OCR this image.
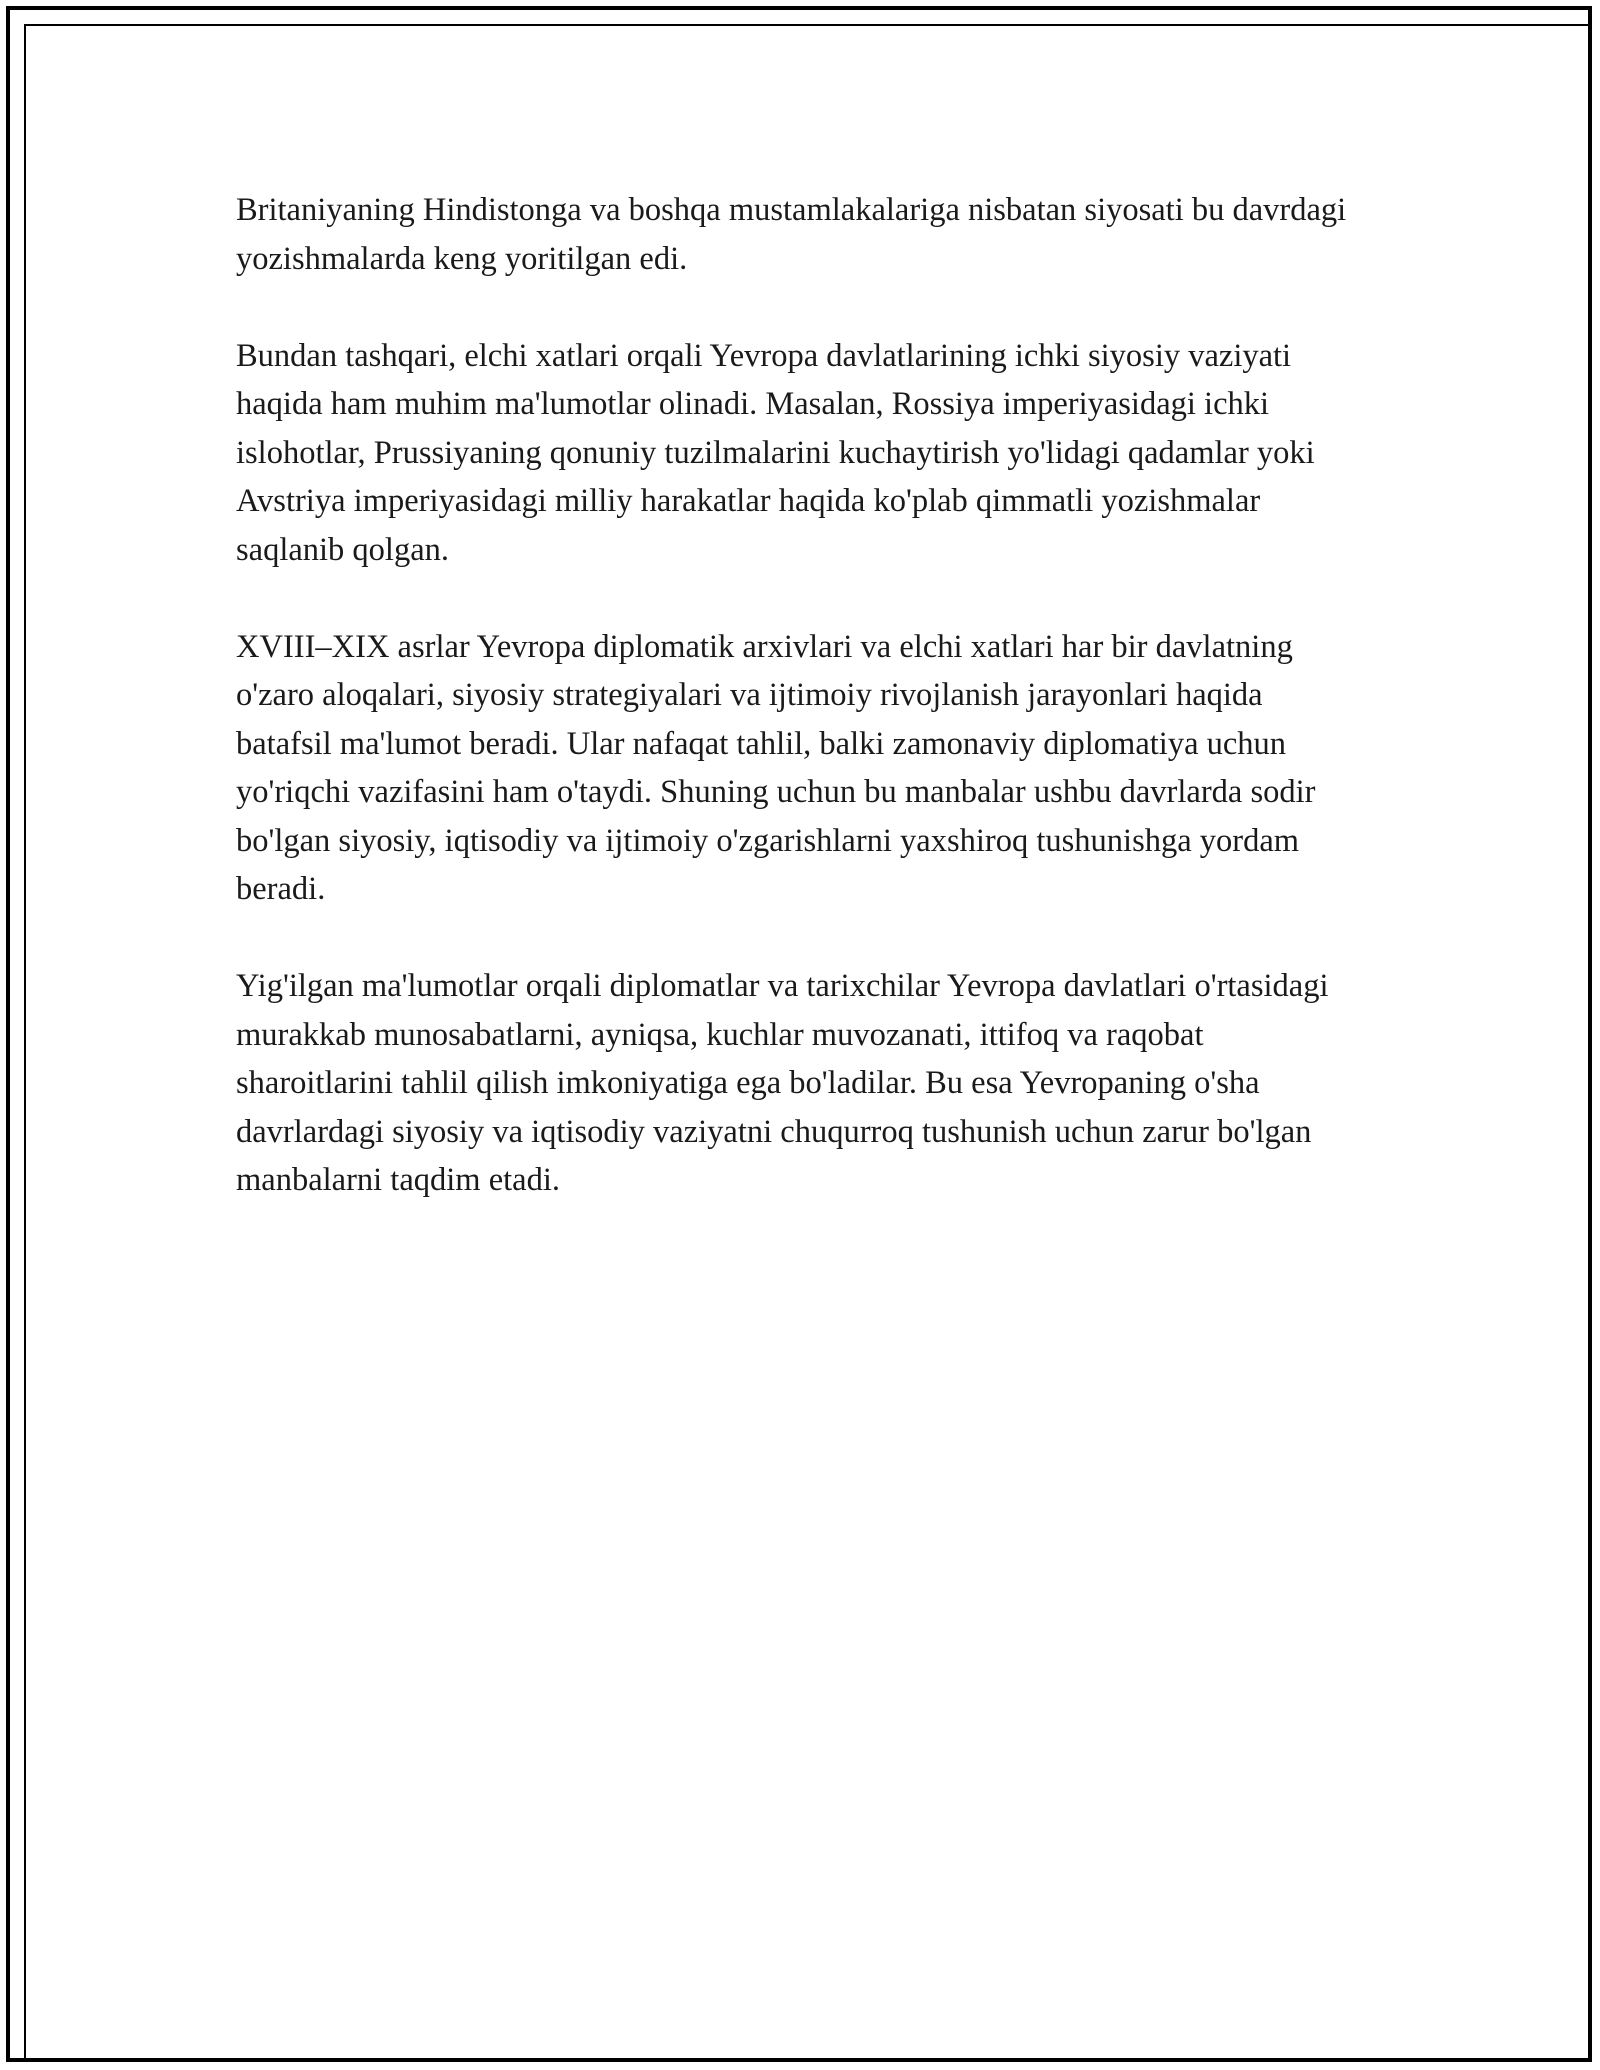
Britaniyaning Hindistonga va boshqa mustamlakalariga nisbatan siyosati bu davrdagi yozishmalarda keng yoritilgan edi.

Bundan tashqari, elchi xatlari orqali Yevropa davlatlarining ichki siyosiy vaziyati haqida ham muhim ma'lumotlar olinadi. Masalan, Rossiya imperiyasidagi ichki islohotlar, Prussiyaning qonuniy tuzilmalarini kuchaytirish yo'lidagi qadamlar yoki Avstriya imperiyasidagi milliy harakatlar haqida ko'plab qimmatli yozishmalar saqlanib qolgan.

XVIII–XIX asrlar Yevropa diplomatik arxivlari va elchi xatlari har bir davlatning o'zaro aloqalari, siyosiy strategiyalari va ijtimoiy rivojlanish jarayonlari haqida batafsil ma'lumot beradi. Ular nafaqat tahlil, balki zamonaviy diplomatiya uchun yo'riqchi vazifasini ham o'taydi. Shuning uchun bu manbalar ushbu davrlarda sodir bo'lgan siyosiy, iqtisodiy va ijtimoiy o'zgarishlarni yaxshiroq tushunishga yordam beradi.

Yig'ilgan ma'lumotlar orqali diplomatlar va tarixchilar Yevropa davlatlari o'rtasidagi murakkab munosabatlarni, ayniqsa, kuchlar muvozanati, ittifoq va raqobat sharoitlarini tahlil qilish imkoniyatiga ega bo'ladilar. Bu esa Yevropaning o'sha davrlardagi siyosiy va iqtisodiy vaziyatni chuqurroq tushunish uchun zarur bo'lgan manbalarni taqdim etadi.
